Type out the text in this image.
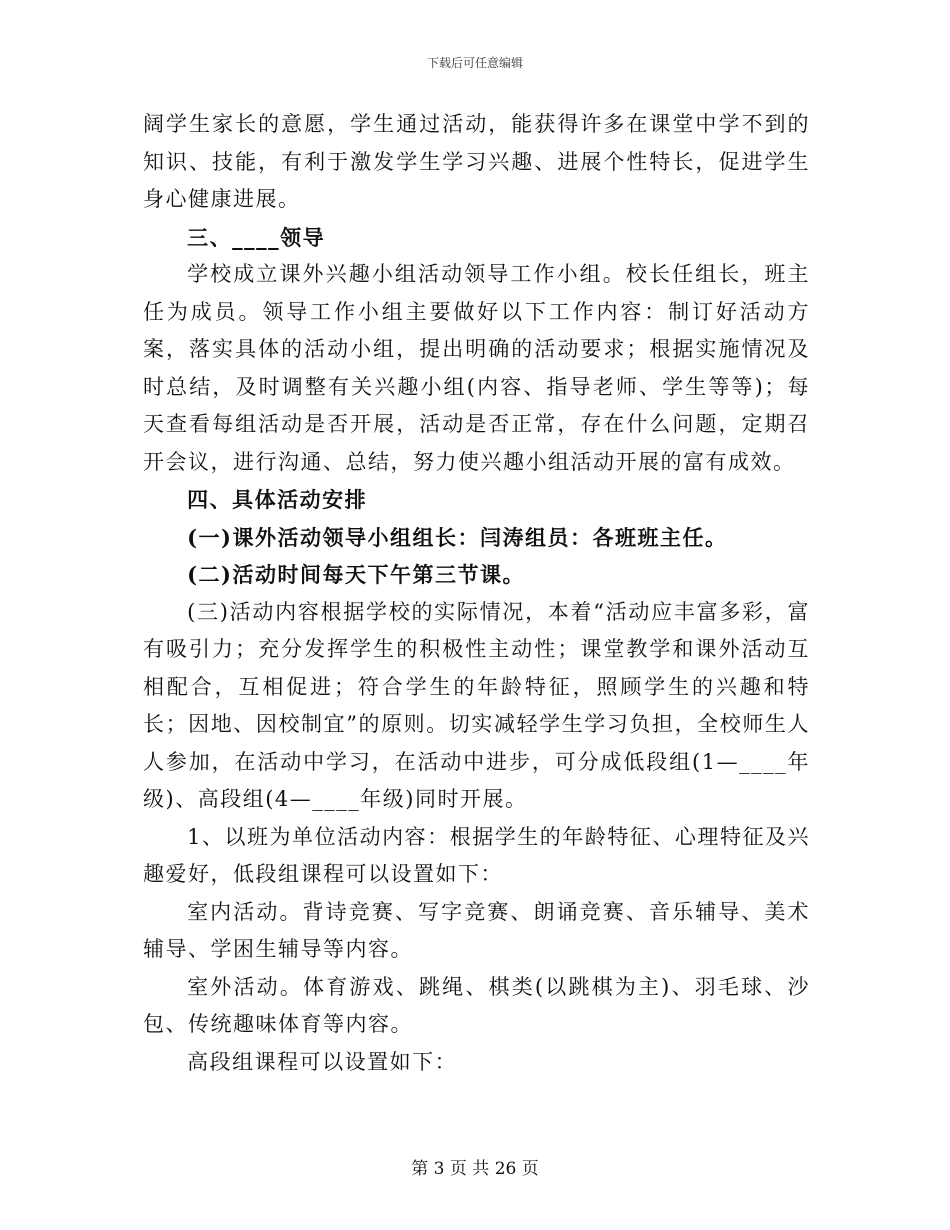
下载后可任意编辑

阔学生家长的意愿，学生通过活动，能获得许多在课堂中学不到的知识、技能，有利于激发学生学习兴趣、进展个性特长，促进学生身心健康进展。

三、____领导

学校成立课外兴趣小组活动领导工作小组。校长任组长，班主任为成员。领导工作小组主要做好以下工作内容：制订好活动方案，落实具体的活动小组，提出明确的活动要求；根据实施情况及时总结，及时调整有关兴趣小组(内容、指导老师、学生等等)；每天查看每组活动是否开展，活动是否正常，存在什么问题，定期召开会议，进行沟通、总结，努力使兴趣小组活动开展的富有成效。

四、具体活动安排

(一)课外活动领导小组组长：闫涛组员：各班班主任。

(二)活动时间每天下午第三节课。

(三)活动内容根据学校的实际情况，本着“活动应丰富多彩，富有吸引力；充分发挥学生的积极性主动性；课堂教学和课外活动互相配合，互相促进；符合学生的年龄特征，照顾学生的兴趣和特长；因地、因校制宜”的原则。切实减轻学生学习负担，全校师生人人参加，在活动中学习，在活动中进步，可分成低段组(1—____年级)、高段组(4—____年级)同时开展。

1、以班为单位活动内容：根据学生的年龄特征、心理特征及兴趣爱好，低段组课程可以设置如下：

室内活动。背诗竞赛、写字竞赛、朗诵竞赛、音乐辅导、美术辅导、学困生辅导等内容。

室外活动。体育游戏、跳绳、棋类(以跳棋为主)、羽毛球、沙包、传统趣味体育等内容。

高段组课程可以设置如下：

第 3 页 共 26 页
